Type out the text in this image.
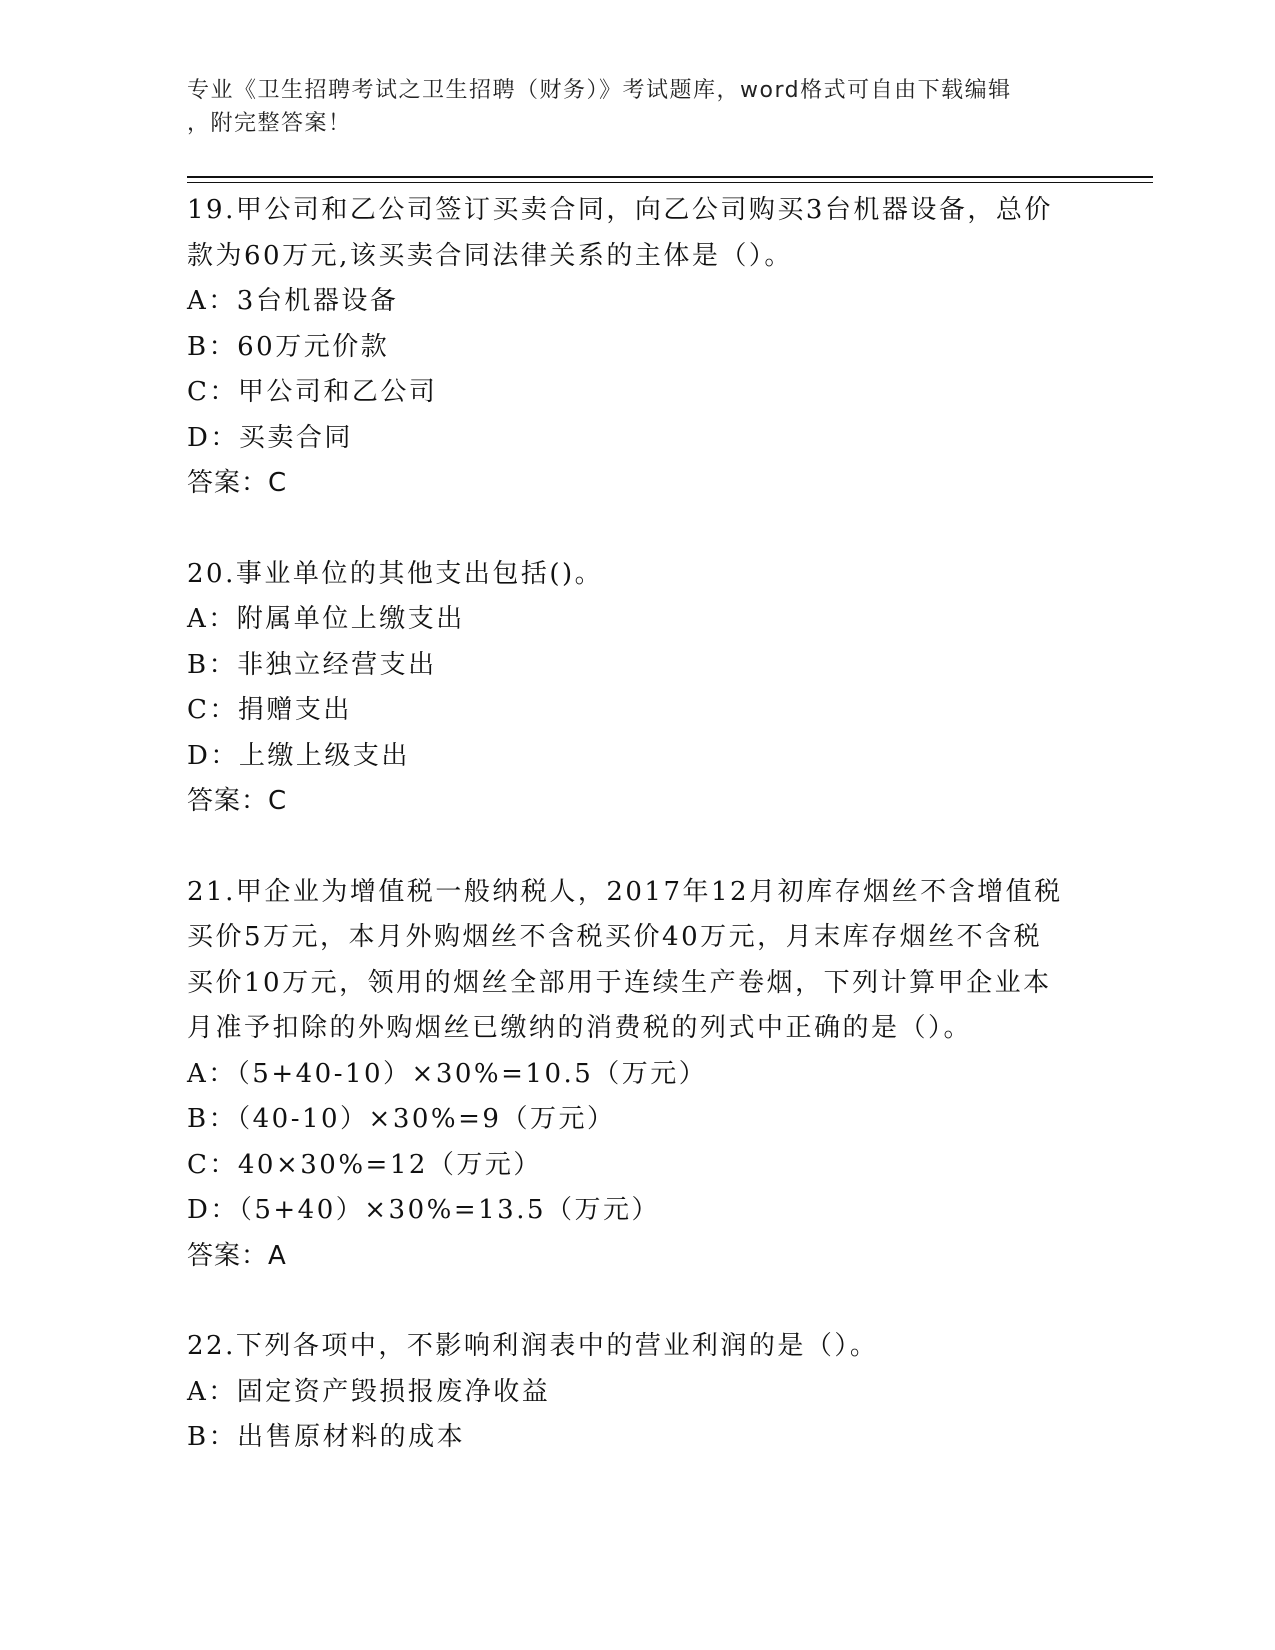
专业《卫生招聘考试之卫生招聘（财务）》考试题库，word格式可自由下载编辑
，附完整答案！
19.甲公司和乙公司签订买卖合同，向乙公司购买3台机器设备，总价
款为60万元,该买卖合同法律关系的主体是（）。
A：3台机器设备
B：60万元价款
C：甲公司和乙公司
D：买卖合同
答案：C
20.事业单位的其他支出包括()。
A：附属单位上缴支出
B：非独立经营支出
C：捐赠支出
D：上缴上级支出
答案：C
21.甲企业为增值税一般纳税人，2017年12月初库存烟丝不含增值税
买价5万元，本月外购烟丝不含税买价40万元，月末库存烟丝不含税
买价10万元，领用的烟丝全部用于连续生产卷烟，下列计算甲企业本
月准予扣除的外购烟丝已缴纳的消费税的列式中正确的是（）。
A：（5+40-10）×30%=10.5（万元）
B：（40-10）×30%=9（万元）
C：40×30%=12（万元）
D：（5+40）×30%=13.5（万元）
答案：A
22.下列各项中，不影响利润表中的营业利润的是（）。
A：固定资产毁损报废净收益
B：出售原材料的成本
